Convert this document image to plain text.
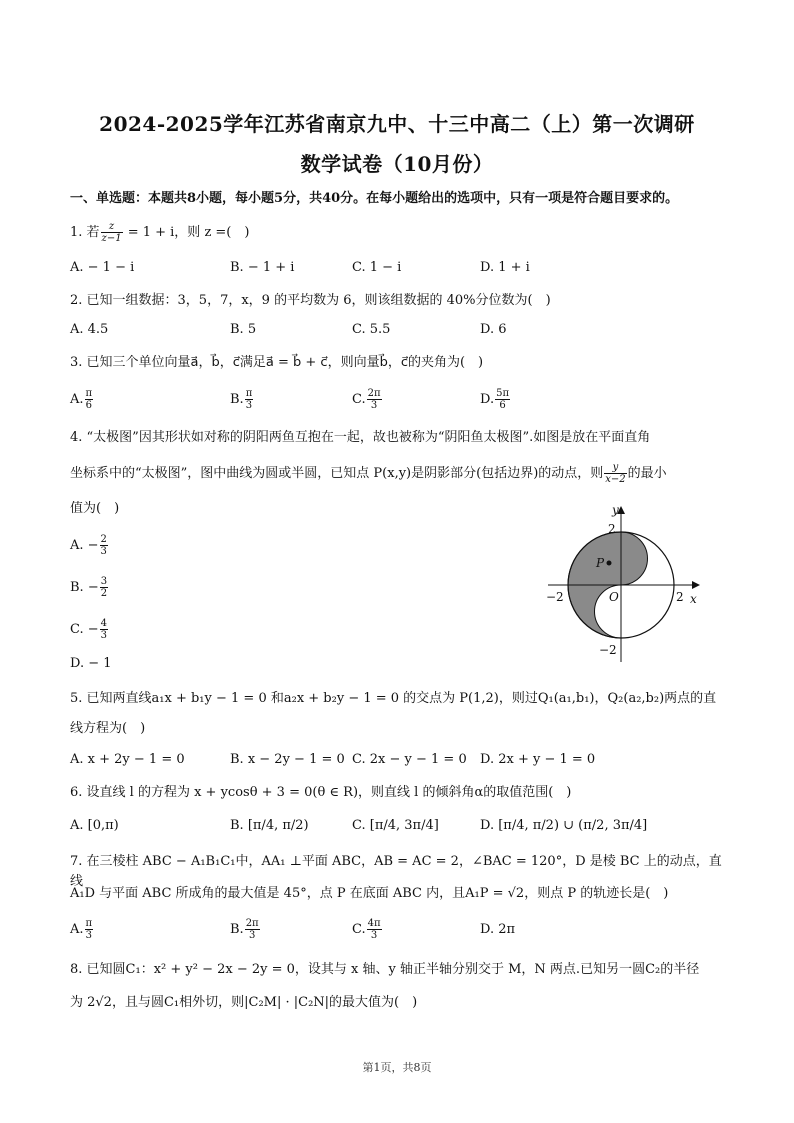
2024-2025学年江苏省南京九中、十三中高二（上）第一次调研
数学试卷（10月份）
一、单选题：本题共8小题，每小题5分，共40分。在每小题给出的选项中，只有一项是符合题目要求的。
1. 若 $\frac{z}{z-1} = 1 + i$，则 z =(　)
A. − 1 − i	B. − 1 + i	C. 1 − i	D. 1 + i
2. 已知一组数据：3，5，7，x，9 的平均数为 6，则该组数据的 40%分位数为(　)
A. 4.5	B. 5	C. 5.5	D. 6
3. 已知三个单位向量a⃗，b⃗，c⃗满足a⃗ = b⃗ + c⃗，则向量b⃗，c⃗的夹角为(　)
A. $\frac{\pi}{6}$	B. $\frac{\pi}{3}$	C. $\frac{2\pi}{3}$	D. $\frac{5\pi}{6}$
4. “太极图”因其形状如对称的阴阳两鱼互抱在一起，故也被称为“阴阳鱼太极图”.如图是放在平面直角
坐标系中的“太极图”，图中曲线为圆或半圆，已知点 P(x,y)是阴影部分(包括边界)的动点，则 $\frac{y}{x-2}$ 的最小
值为(　)
A. − $\frac{2}{3}$
B. − $\frac{3}{2}$
C. − $\frac{4}{3}$
D. − 1
y
x
O
2
−2
−2	2
P
5. 已知两直线a₁x + b₁y − 1 = 0 和a₂x + b₂y − 1 = 0 的交点为 P(1,2)，则过Q₁(a₁,b₁)，Q₂(a₂,b₂)两点的直
线方程为(　)
A. x + 2y − 1 = 0	B. x − 2y − 1 = 0 C. 2x − y − 1 = 0 D. 2x + y − 1 = 0
6. 设直线 l 的方程为 x + ycosθ + 3 = 0(θ ∈ R)，则直线 l 的倾斜角α的取值范围(　)
A. [0,π)	B. [π/4, π/2)	C. [π/4, 3π/4]	D. [π/4, π/2) ∪ (π/2, 3π/4]
7. 在三棱柱 ABC − A₁B₁C₁中，AA₁ ⊥平面 ABC，AB = AC = 2，∠BAC = 120°，D 是棱 BC 上的动点，直线
A₁D 与平面 ABC 所成角的最大值是 45°，点 P 在底面 ABC 内，且A₁P = √2，则点 P 的轨迹长是(　)
A. $\frac{\pi}{3}$	B. $\frac{2\pi}{3}$	C. $\frac{4\pi}{3}$	D. 2π
8. 已知圆C₁：x² + y² − 2x − 2y = 0，设其与 x 轴、y 轴正半轴分别交于 M，N 两点.已知另一圆C₂的半径
为 2√2，且与圆C₁相外切，则|C₂M| · |C₂N|的最大值为(　)
第1页，共8页
